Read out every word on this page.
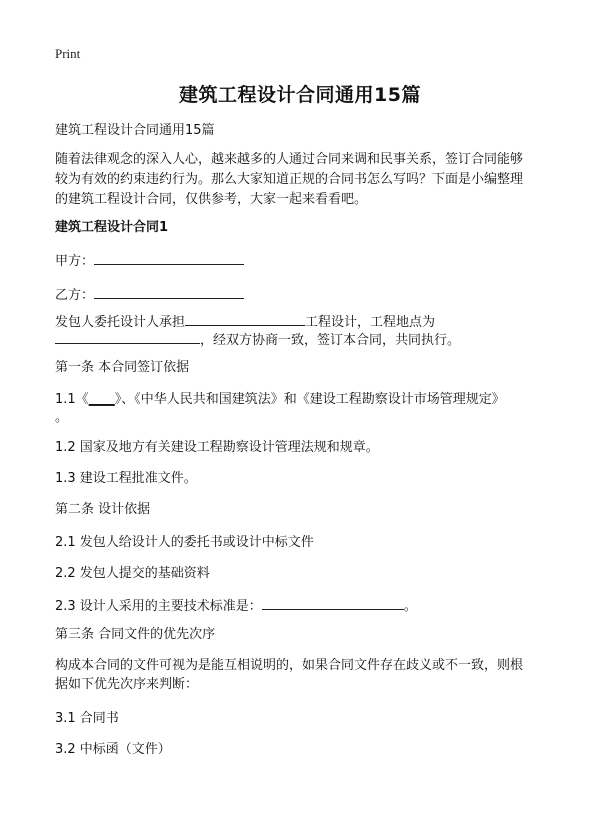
Print
建筑工程设计合同通用15篇
建筑工程设计合同通用15篇
随着法律观念的深入人心，越来越多的人通过合同来调和民事关系，签订合同能够
较为有效的约束违约行为。那么大家知道正规的合同书怎么写吗？下面是小编整理
的建筑工程设计合同，仅供参考，大家一起来看看吧。
建筑工程设计合同1
甲方：
乙方：
发包人委托设计人承担	工程设计，工程地点为
，经双方协商一致，签订本合同，共同执行。
第一条 本合同签订依据
1.1《____》、《中华人民共和国建筑法》和《建设工程勘察设计市场管理规定》
。
1.2 国家及地方有关建设工程勘察设计管理法规和规章。
1.3 建设工程批准文件。
第二条 设计依据
2.1 发包人给设计人的委托书或设计中标文件
2.2 发包人提交的基础资料
2.3 设计人采用的主要技术标准是：	。
第三条 合同文件的优先次序
构成本合同的文件可视为是能互相说明的，如果合同文件存在歧义或不一致，则根
据如下优先次序来判断：
3.1 合同书
3.2 中标函（文件）
